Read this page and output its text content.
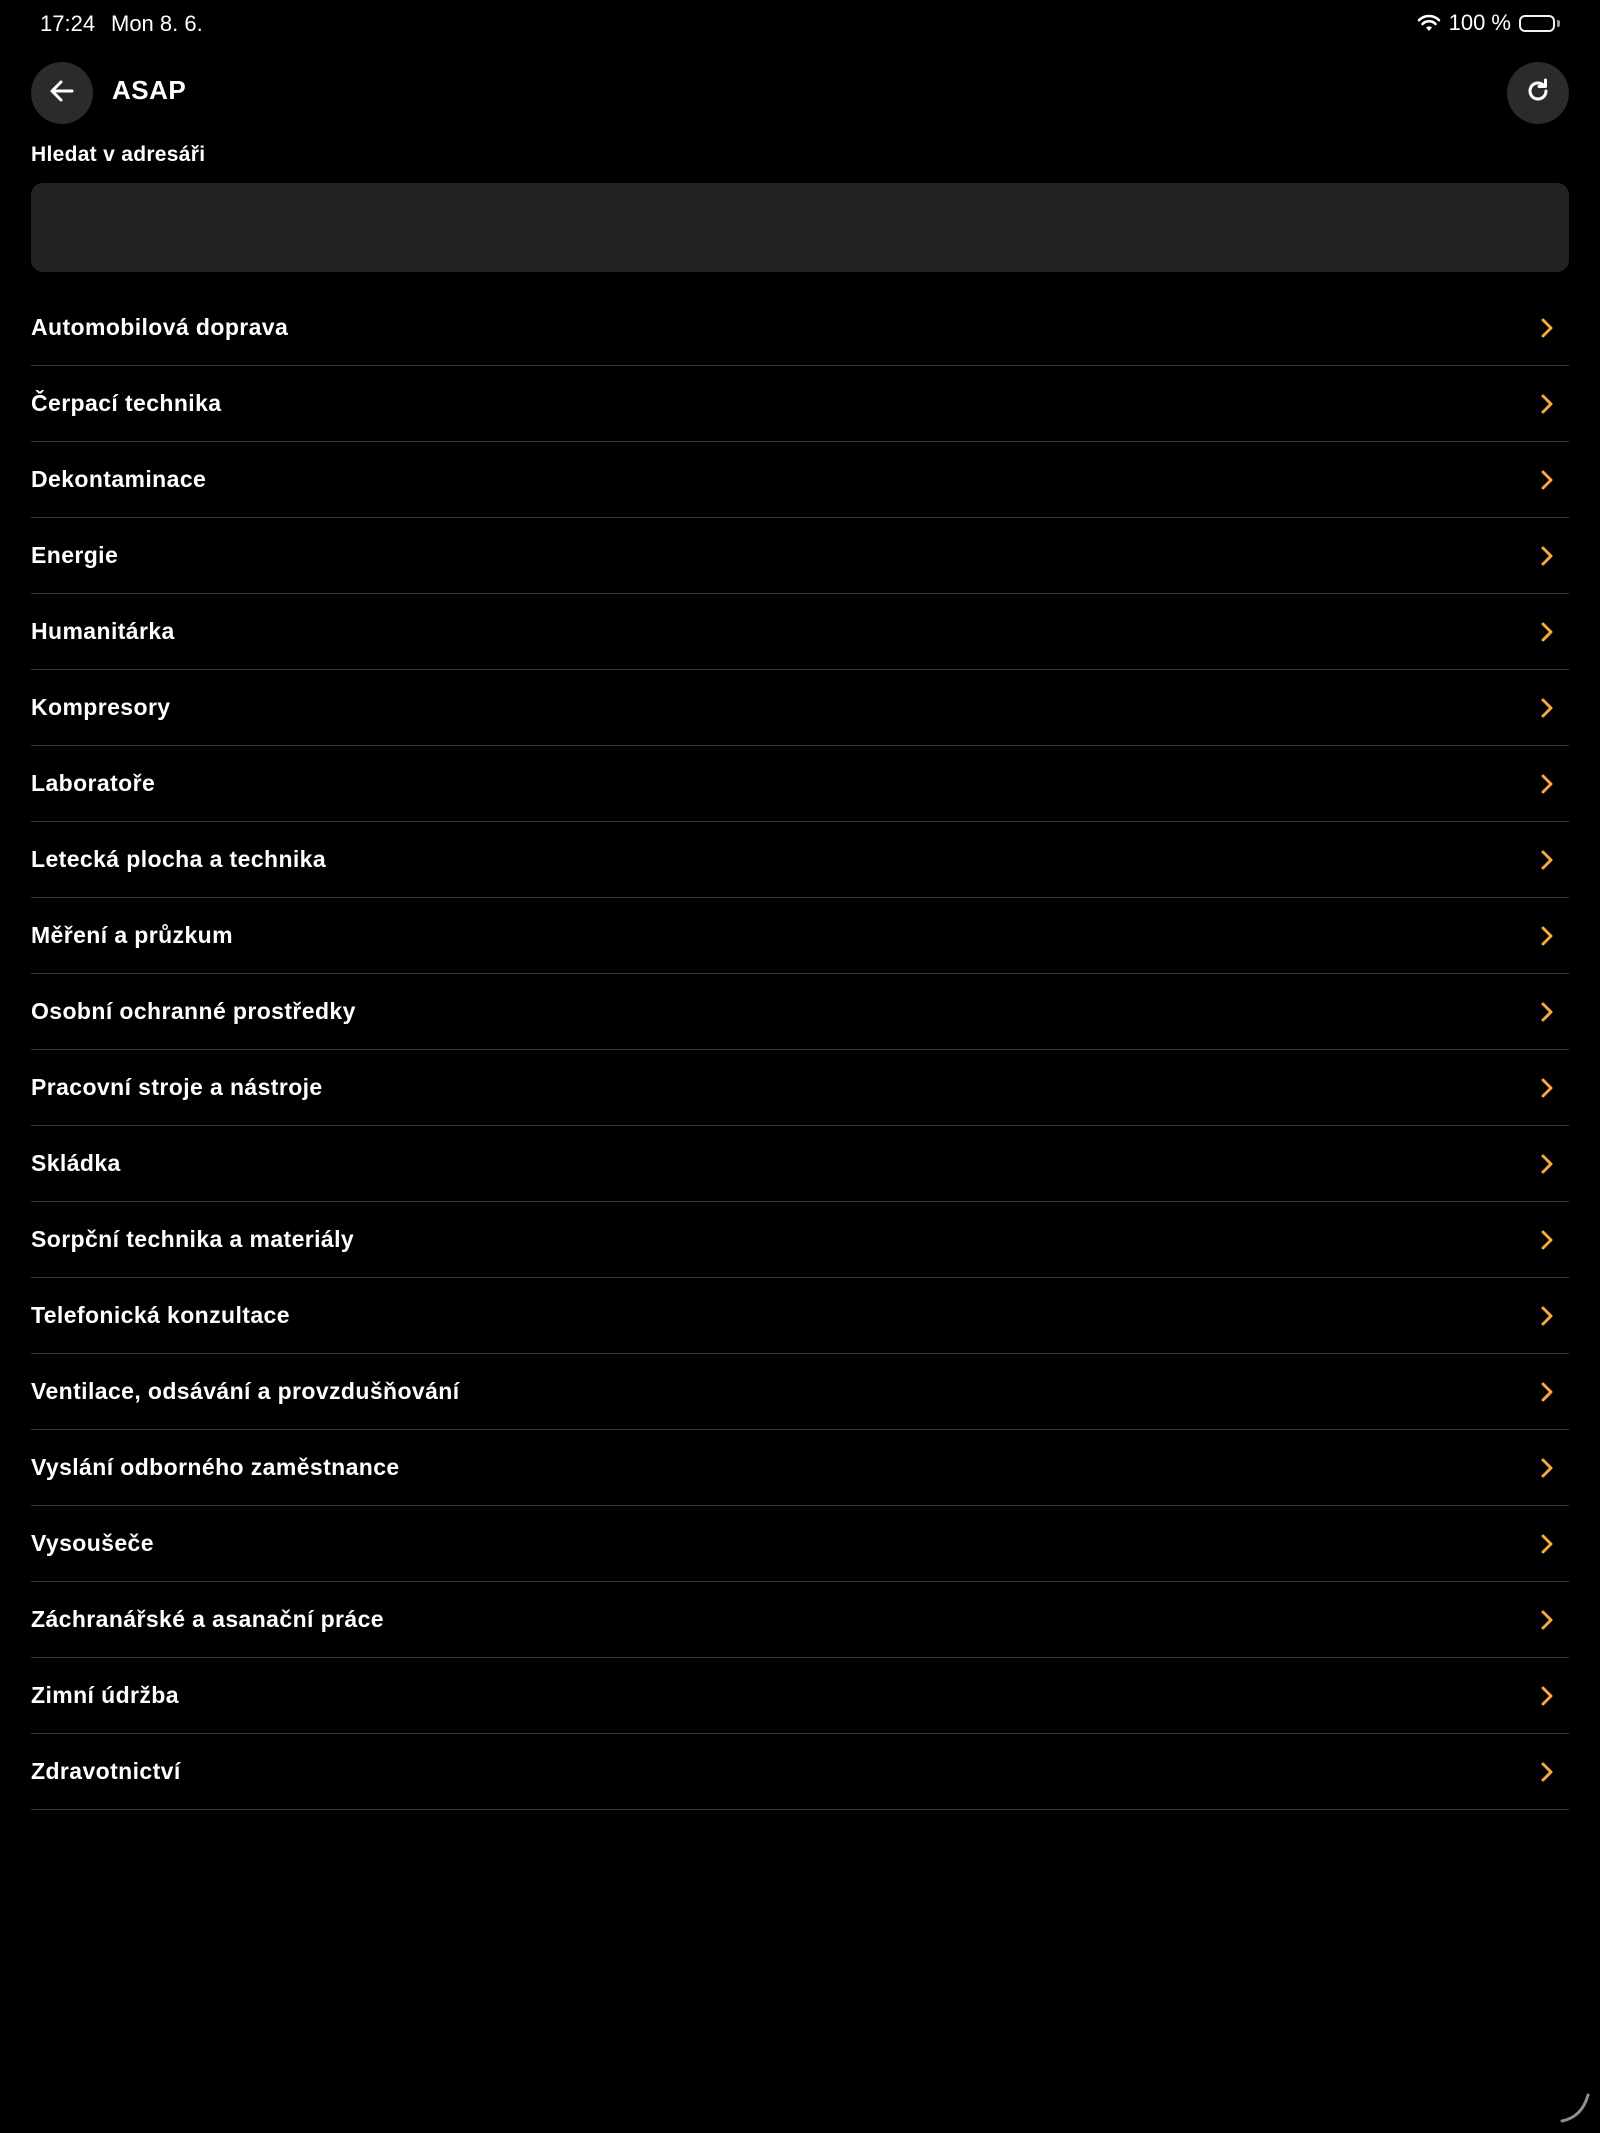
17:24 Mon 8. 6.	100 %
ASAP
Hledat v adresáři
Automobilová doprava
Čerpací technika
Dekontaminace
Energie
Humanitárka
Kompresory
Laboratoře
Letecká plocha a technika
Měření a průzkum
Osobní ochranné prostředky
Pracovní stroje a nástroje
Skládka
Sorpční technika a materiály
Telefonická konzultace
Ventilace, odsávání a provzdušňování
Vyslání odborného zaměstnance
Vysoušeče
Záchranářské a asanační práce
Zimní údržba
Zdravotnictví
